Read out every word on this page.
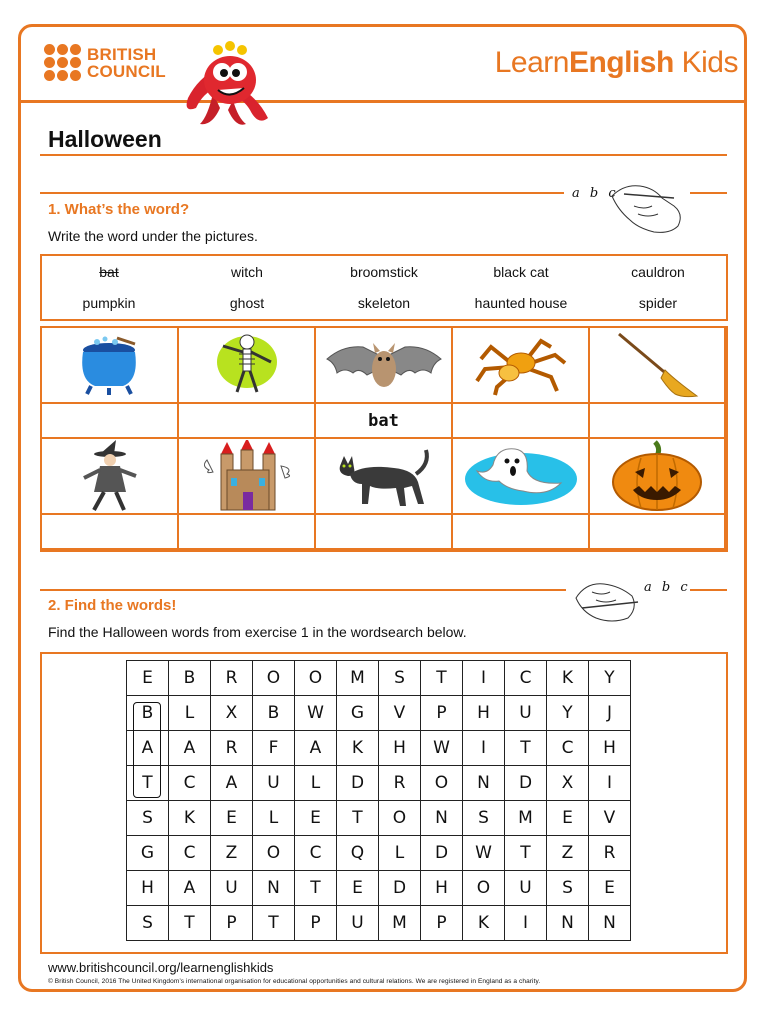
BRITISH
COUNCIL	LearnEnglish Kids
Halloween
a b c
1. What’s the word?
Write the word under the pictures.
bat	witch	broomstick	black cat	cauldron
pumpkin	ghost	skeleton	haunted house	spider
bat
a b c
2. Find the words!
Find the Halloween words from exercise 1 in the wordsearch below.
E	B	R	O	O	M	S	T	I	C	K	Y
B	L	X	B	W	G	V	P	H	U	Y	J
A	A	R	F	A	K	H	W	I	T	C	H
T	C	A	U	L	D	R	O	N	D	X	I
S	K	E	L	E	T	O	N	S	M	E	V
G	C	Z	O	C	Q	L	D	W	T	Z	R
H	A	U	N	T	E	D	H	O	U	S	E
S	T	P	T	P	U	M	P	K	I	N	N
www.britishcouncil.org/learnenglishkids
© British Council, 2016 The United Kingdom’s international organisation for educational opportunities and cultural relations. We are registered in England as a charity.
